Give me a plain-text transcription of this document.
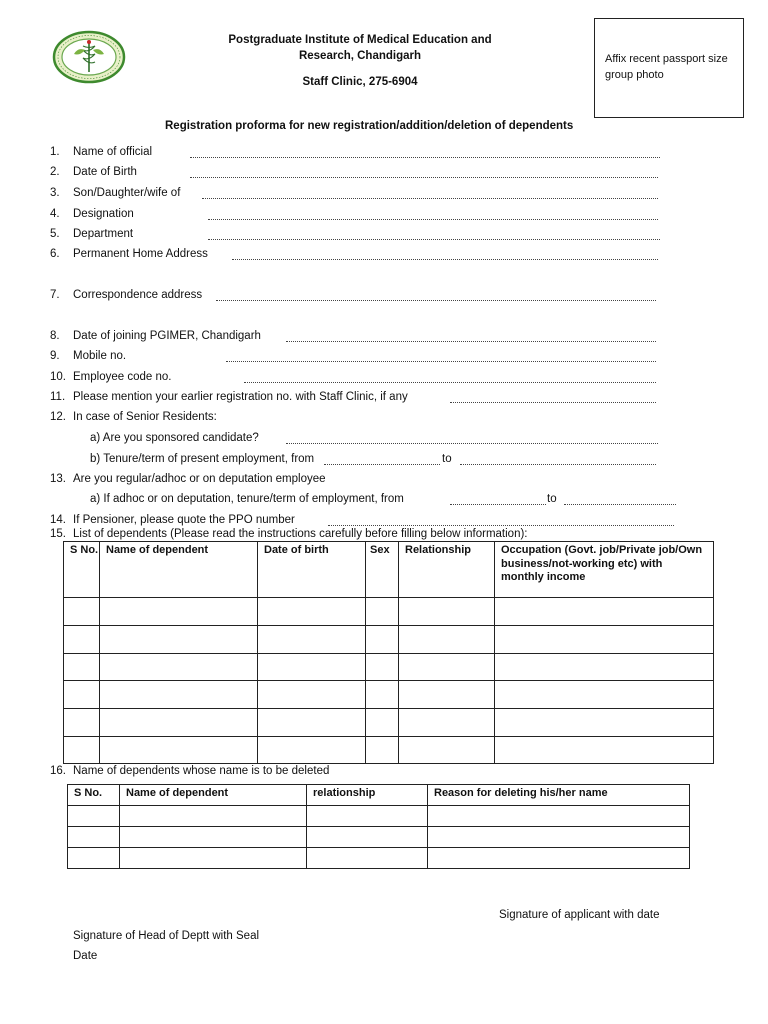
Postgraduate Institute of Medical Education and
Research, Chandigarh
Staff Clinic, 275-6904
Affix recent passport size group photo
Registration proforma for new registration/addition/deletion of dependents
1. Name of official
2. Date of Birth
3. Son/Daughter/wife of
4. Designation
5. Department
6. Permanent Home Address
7. Correspondence address
8. Date of joining PGIMER, Chandigarh
9. Mobile no.
10. Employee code no.
11. Please mention your earlier registration no. with Staff Clinic, if any
12. In case of Senior Residents:
a) Are you sponsored candidate?
b) Tenure/term of present employment, from	to
13. Are you regular/adhoc or on deputation employee
a) If adhoc or on deputation, tenure/term of employment, from	to
14. If Pensioner, please quote the PPO number
15. List of dependents (Please read the instructions carefully before filling below information):
S No.	Name of dependent	Date of birth	Sex	Relationship	Occupation (Govt. job/Private job/Own business/not-working etc) with monthly income

16. Name of dependents whose name is to be deleted
S No.	Name of dependent	relationship	Reason for deleting his/her name

Signature of applicant with date
Signature of Head of Deptt with Seal
Date
